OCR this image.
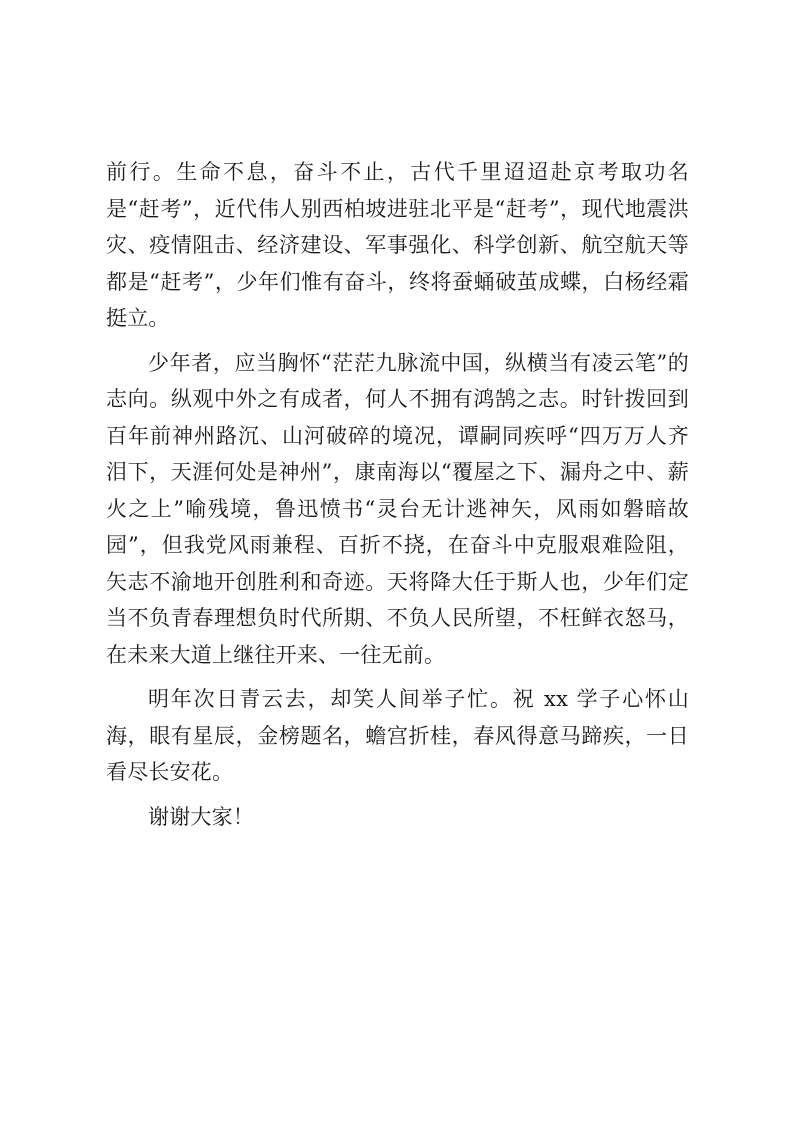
前行。生命不息，奋斗不止，古代千里迢迢赴京考取功名是“赶考”，近代伟人别西柏坡进驻北平是“赶考”，现代地震洪灾、疫情阻击、经济建设、军事强化、科学创新、航空航天等都是“赶考”，少年们惟有奋斗，终将蚕蛹破茧成蝶，白杨经霜挺立。

少年者，应当胸怀“茫茫九脉流中国，纵横当有凌云笔”的志向。纵观中外之有成者，何人不拥有鸿鹄之志。时针拨回到百年前神州路沉、山河破碎的境况，谭嗣同疾呼“四万万人齐泪下，天涯何处是神州”，康南海以“覆屋之下、漏舟之中、薪火之上”喻残境，鲁迅愤书“灵台无计逃神矢，风雨如磐暗故园”，但我党风雨兼程、百折不挠，在奋斗中克服艰难险阻，矢志不渝地开创胜利和奇迹。天将降大任于斯人也，少年们定当不负青春理想负时代所期、不负人民所望，不枉鲜衣怒马，在未来大道上继往开来、一往无前。

明年次日青云去，却笑人间举子忙。祝 xx 学子心怀山海，眼有星辰，金榜题名，蟾宫折桂，春风得意马蹄疾，一日看尽长安花。

谢谢大家！
